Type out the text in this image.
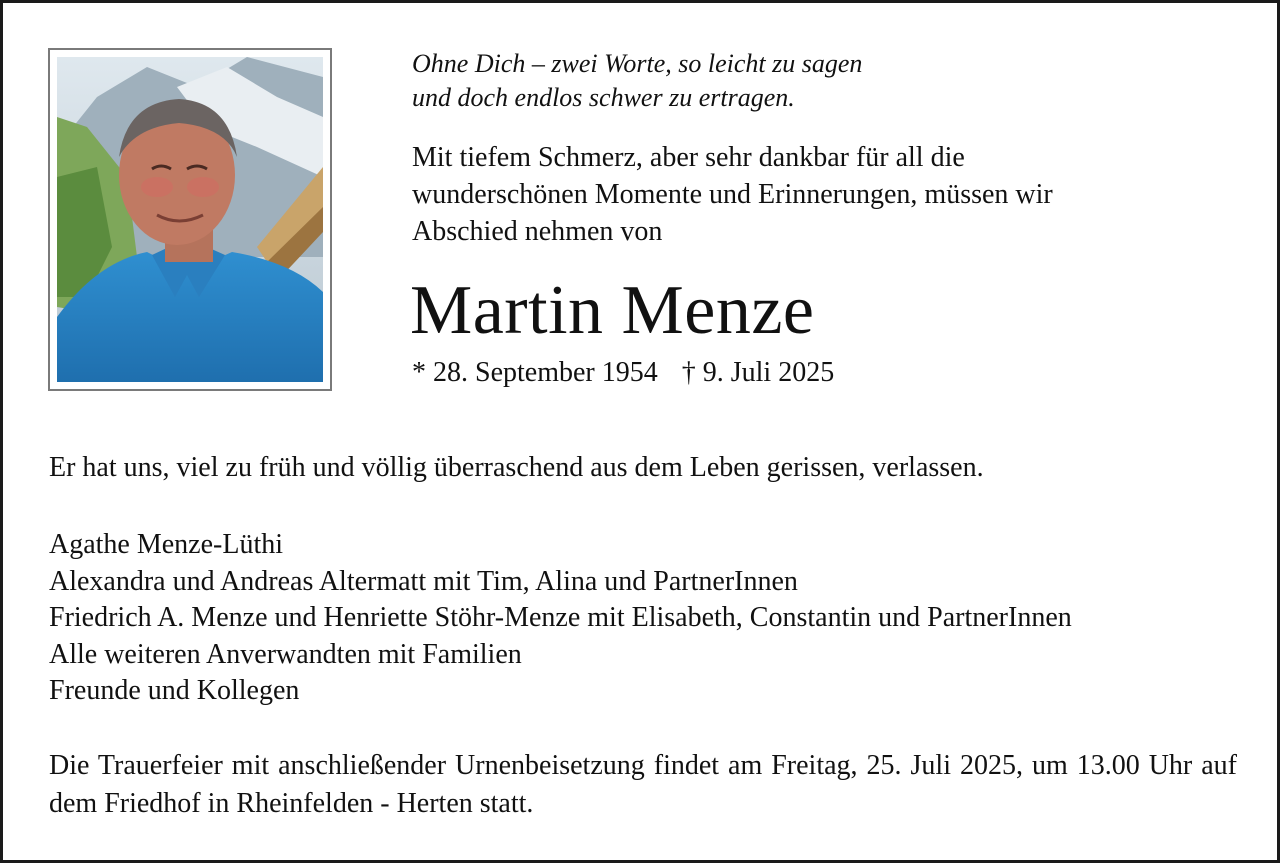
Ohne Dich – zwei Worte, so leicht zu sagen
und doch endlos schwer zu ertragen.
Mit tiefem Schmerz, aber sehr dankbar für all die
wunderschönen Momente und Erinnerungen, müssen wir
Abschied nehmen von
Martin Menze
* 28. September 1954 † 9. Juli 2025
Er hat uns, viel zu früh und völlig überraschend aus dem Leben gerissen, verlassen.
Agathe Menze-Lüthi
Alexandra und Andreas Altermatt mit Tim, Alina und PartnerInnen
Friedrich A. Menze und Henriette Stöhr-Menze mit Elisabeth, Constantin und PartnerInnen
Alle weiteren Anverwandten mit Familien
Freunde und Kollegen
Die Trauerfeier mit anschließender Urnenbeisetzung findet am Freitag, 25. Juli 2025, um 13.00 Uhr auf dem Friedhof in Rheinfelden - Herten statt.
